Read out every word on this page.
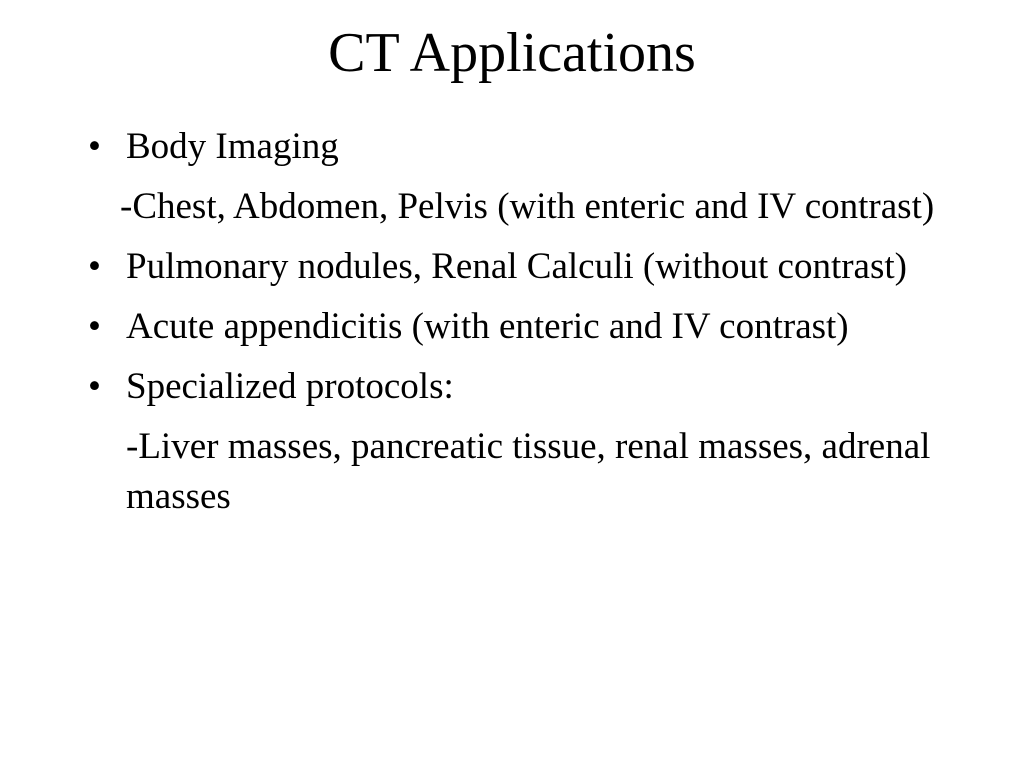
CT Applications
• Body Imaging
-Chest, Abdomen, Pelvis (with enteric and IV contrast)
• Pulmonary nodules, Renal Calculi (without contrast)
• Acute appendicitis (with enteric and IV contrast)
• Specialized protocols:
-Liver masses, pancreatic tissue, renal masses, adrenal masses
